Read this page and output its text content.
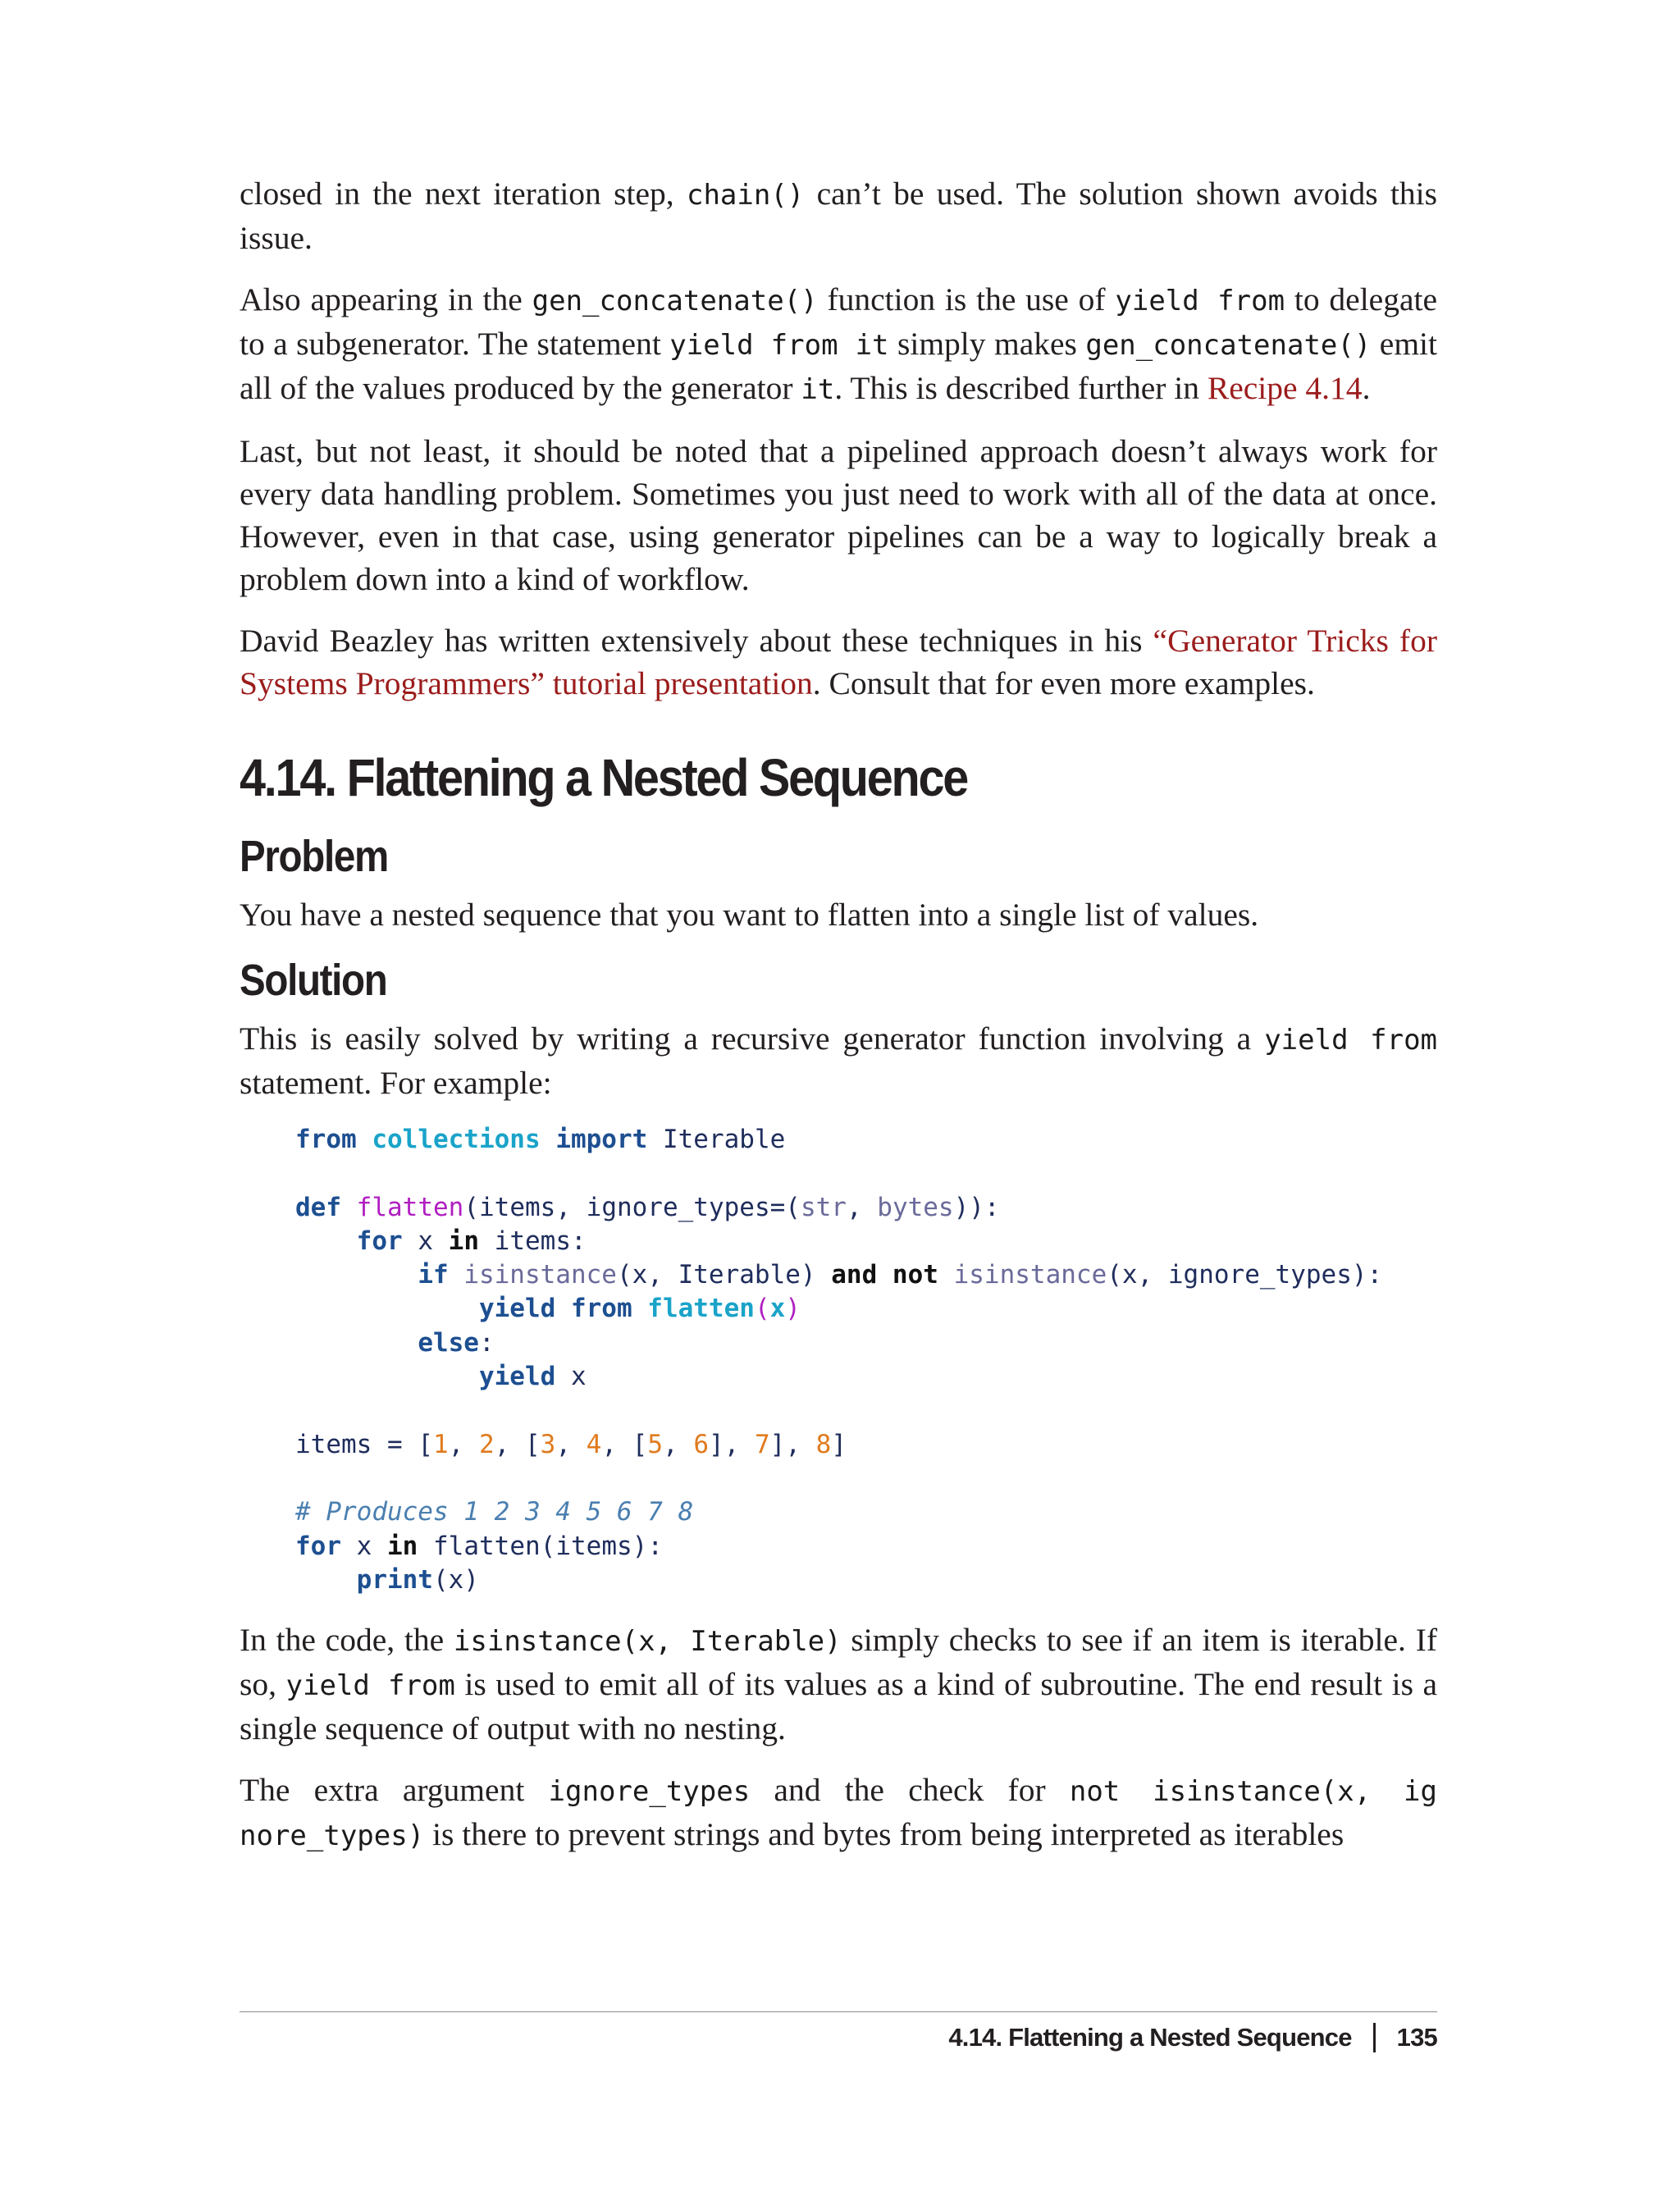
closed in the next iteration step, chain() can’t be used. The solution shown avoids this issue.

Also appearing in the gen_concatenate() function is the use of yield from to delegate to a subgenerator. The statement yield from it simply makes gen_concatenate() emit all of the values produced by the generator it. This is described further in Recipe 4.14.

Last, but not least, it should be noted that a pipelined approach doesn’t always work for every data handling problem. Sometimes you just need to work with all of the data at once. However, even in that case, using generator pipelines can be a way to logically break a problem down into a kind of workflow.

David Beazley has written extensively about these techniques in his “Generator Tricks for Systems Programmers” tutorial presentation. Consult that for even more examples.

4.14. Flattening a Nested Sequence
Problem

You have a nested sequence that you want to flatten into a single list of values.

Solution

This is easily solved by writing a recursive generator function involving a yield from statement. For example:

from collections import Iterable

def flatten(items, ignore_types=(str, bytes)):
for x in items:
if isinstance(x, Iterable) and not isinstance(x, ignore_types):
yield from flatten(x)
else:
yield x

items = [1, 2, [3, 4, [5, 6], 7], 8]

# Produces 1 2 3 4 5 6 7 8
for x in flatten(items):
print(x)

In the code, the isinstance(x, Iterable) simply checks to see if an item is iterable. If so, yield from is used to emit all of its values as a kind of subroutine. The end result is a single sequence of output with no nesting.

The extra argument ignore_types and the check for not isinstance(x, ig nore_types) is there to prevent strings and bytes from being interpreted as iterables

4.14. Flattening a Nested Sequence 135
